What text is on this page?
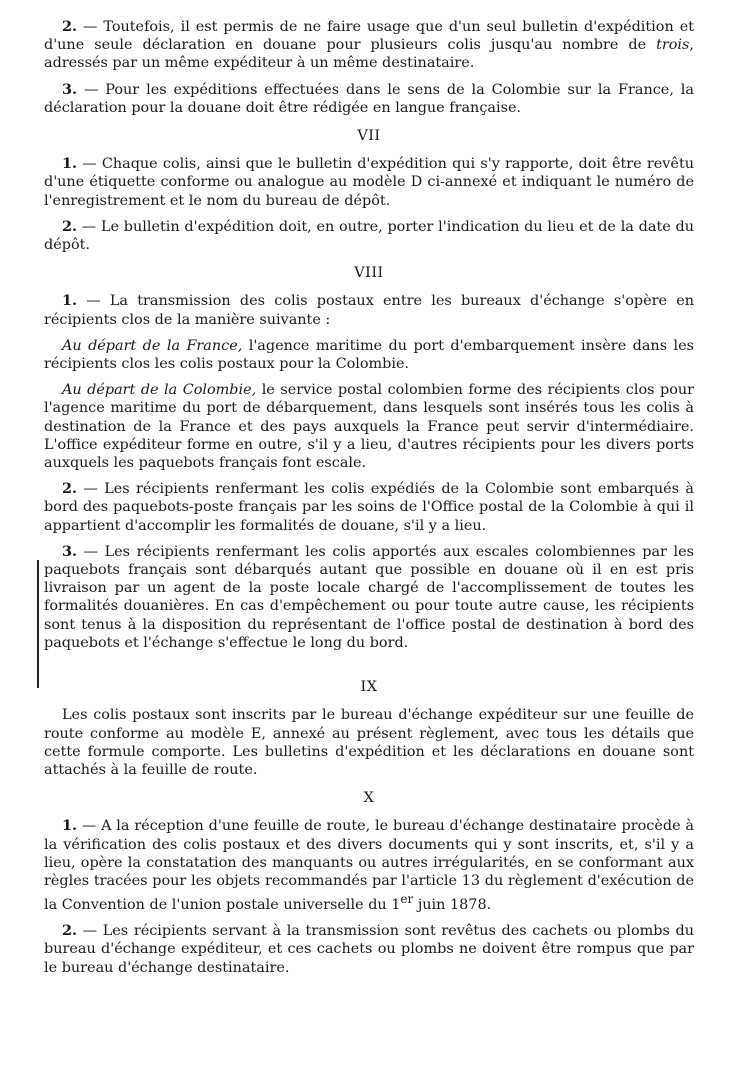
2. — Toutefois, il est permis de ne faire usage que d'un seul bulletin d'expédition et d'une seule déclaration en douane pour plusieurs colis jusqu'au nombre de trois, adressés par un même expéditeur à un même destinataire.

3. — Pour les expéditions effectuées dans le sens de la Colombie sur la France, la déclaration pour la douane doit être rédigée en langue française.

VII

1. — Chaque colis, ainsi que le bulletin d'expédition qui s'y rapporte, doit être revêtu d'une étiquette conforme ou analogue au modèle D ci-annexé et indiquant le numéro de l'enregistrement et le nom du bureau de dépôt.

2. — Le bulletin d'expédition doit, en outre, porter l'indication du lieu et de la date du dépôt.

VIII

1. — La transmission des colis postaux entre les bureaux d'échange s'opère en récipients clos de la manière suivante :

Au départ de la France, l'agence maritime du port d'embarquement insère dans les récipients clos les colis postaux pour la Colombie.

Au départ de la Colombie, le service postal colombien forme des récipients clos pour l'agence maritime du port de débarquement, dans lesquels sont insérés tous les colis à destination de la France et des pays auxquels la France peut servir d'intermédiaire. L'office expéditeur forme en outre, s'il y a lieu, d'autres récipients pour les divers ports auxquels les paquebots français font escale.

2. — Les récipients renfermant les colis expédiés de la Colombie sont embarqués à bord des paquebots-poste français par les soins de l'Office postal de la Colombie à qui il appartient d'accomplir les formalités de douane, s'il y a lieu.

3. — Les récipients renfermant les colis apportés aux escales colombiennes par les paquebots français sont débarqués autant que possible en douane où il en est pris livraison par un agent de la poste locale chargé de l'accomplissement de toutes les formalités douanières. En cas d'empêchement ou pour toute autre cause, les récipients sont tenus à la disposition du représentant de l'office postal de destination à bord des paquebots et l'échange s'effectue le long du bord.

IX

Les colis postaux sont inscrits par le bureau d'échange expéditeur sur une feuille de route conforme au modèle E, annexé au présent règlement, avec tous les détails que cette formule comporte. Les bulletins d'expédition et les déclarations en douane sont attachés à la feuille de route.

X

1. — A la réception d'une feuille de route, le bureau d'échange destinataire procède à la vérification des colis postaux et des divers documents qui y sont inscrits, et, s'il y a lieu, opère la constatation des manquants ou autres irrégularités, en se conformant aux règles tracées pour les objets recommandés par l'article 13 du règlement d'exécution de la Convention de l'union postale universelle du 1er juin 1878.

2. — Les récipients servant à la transmission sont revêtus des cachets ou plombs du bureau d'échange expéditeur, et ces cachets ou plombs ne doivent être rompus que par le bureau d'échange destinataire.
